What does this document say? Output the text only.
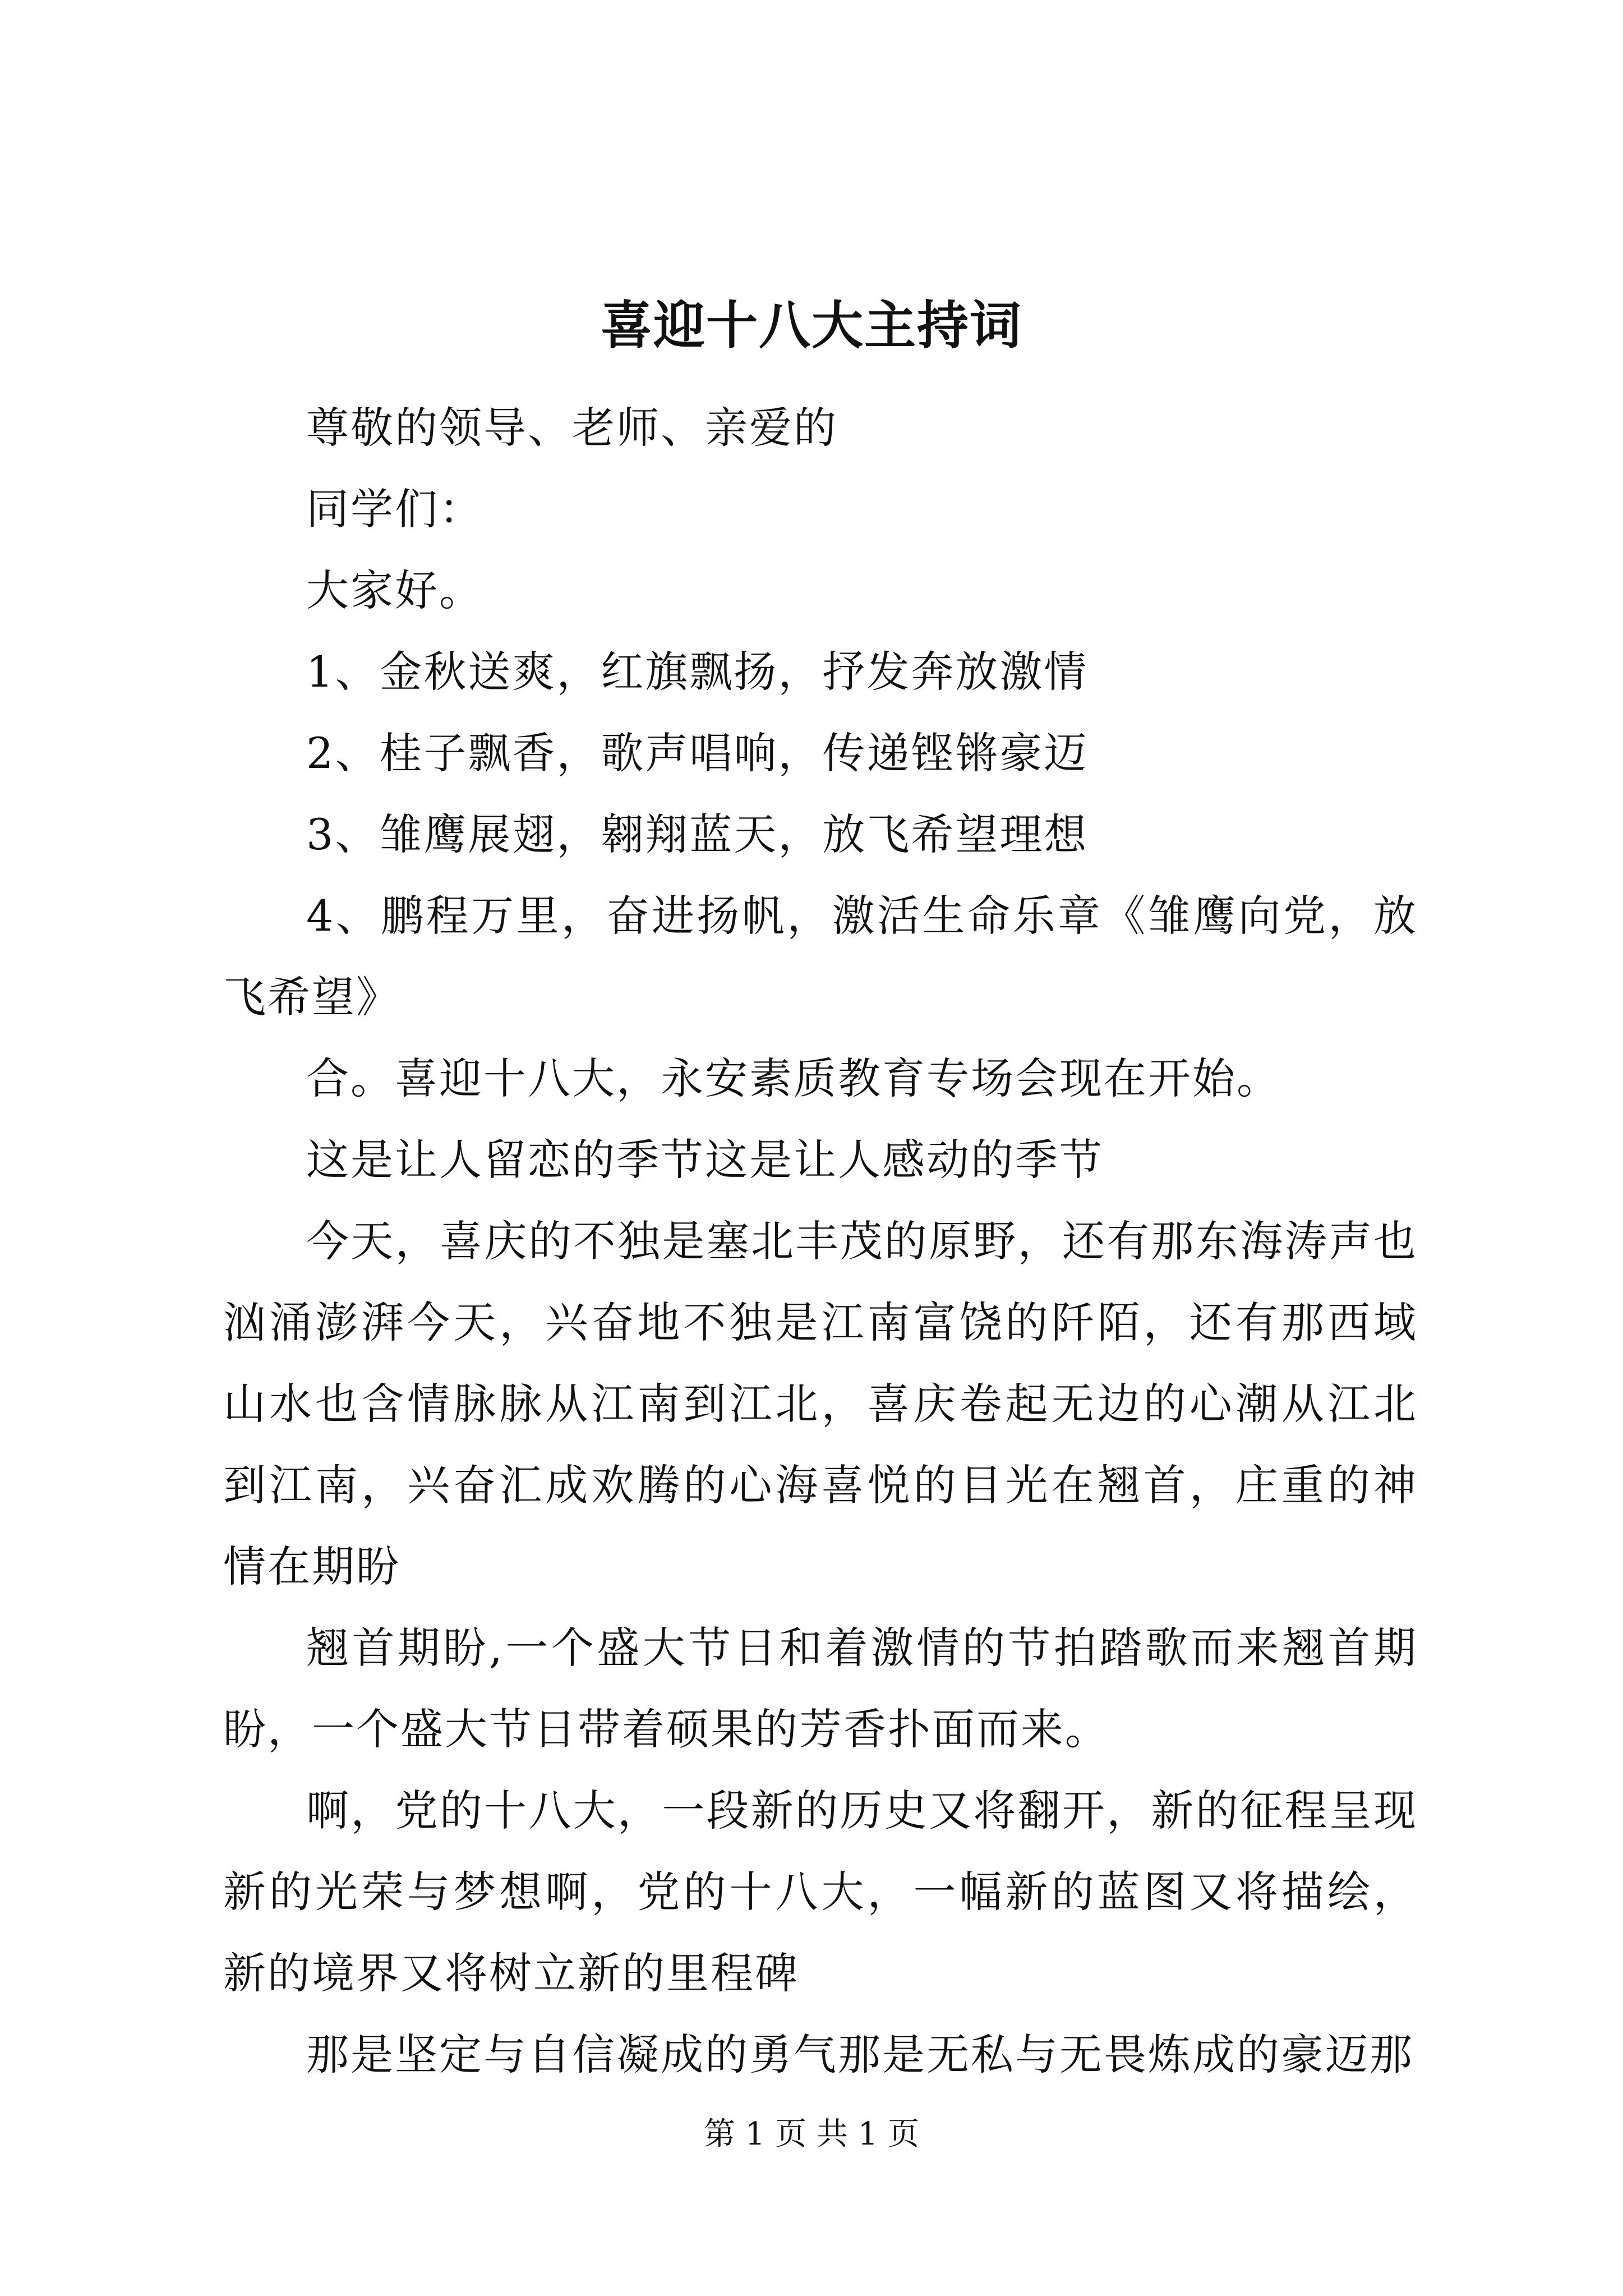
喜迎十八大主持词

尊敬的领导、老师、亲爱的

同学们：

大家好。

1、金秋送爽，红旗飘扬，抒发奔放激情

2、桂子飘香，歌声唱响，传递铿锵豪迈

3、雏鹰展翅，翱翔蓝天，放飞希望理想

4、鹏程万里，奋进扬帆，激活生命乐章《雏鹰向党，放飞希望》

合。喜迎十八大，永安素质教育专场会现在开始。

这是让人留恋的季节这是让人感动的季节

今天，喜庆的不独是塞北丰茂的原野，还有那东海涛声也汹涌澎湃今天，兴奋地不独是江南富饶的阡陌，还有那西域山水也含情脉脉从江南到江北，喜庆卷起无边的心潮从江北到江南，兴奋汇成欢腾的心海喜悦的目光在翘首，庄重的神情在期盼

翘首期盼,一个盛大节日和着激情的节拍踏歌而来翘首期盼，一个盛大节日带着硕果的芳香扑面而来。

啊，党的十八大，一段新的历史又将翻开，新的征程呈现新的光荣与梦想啊，党的十八大，一幅新的蓝图又将描绘，新的境界又将树立新的里程碑

那是坚定与自信凝成的勇气那是无私与无畏炼成的豪迈那

第 1 页 共 1 页
